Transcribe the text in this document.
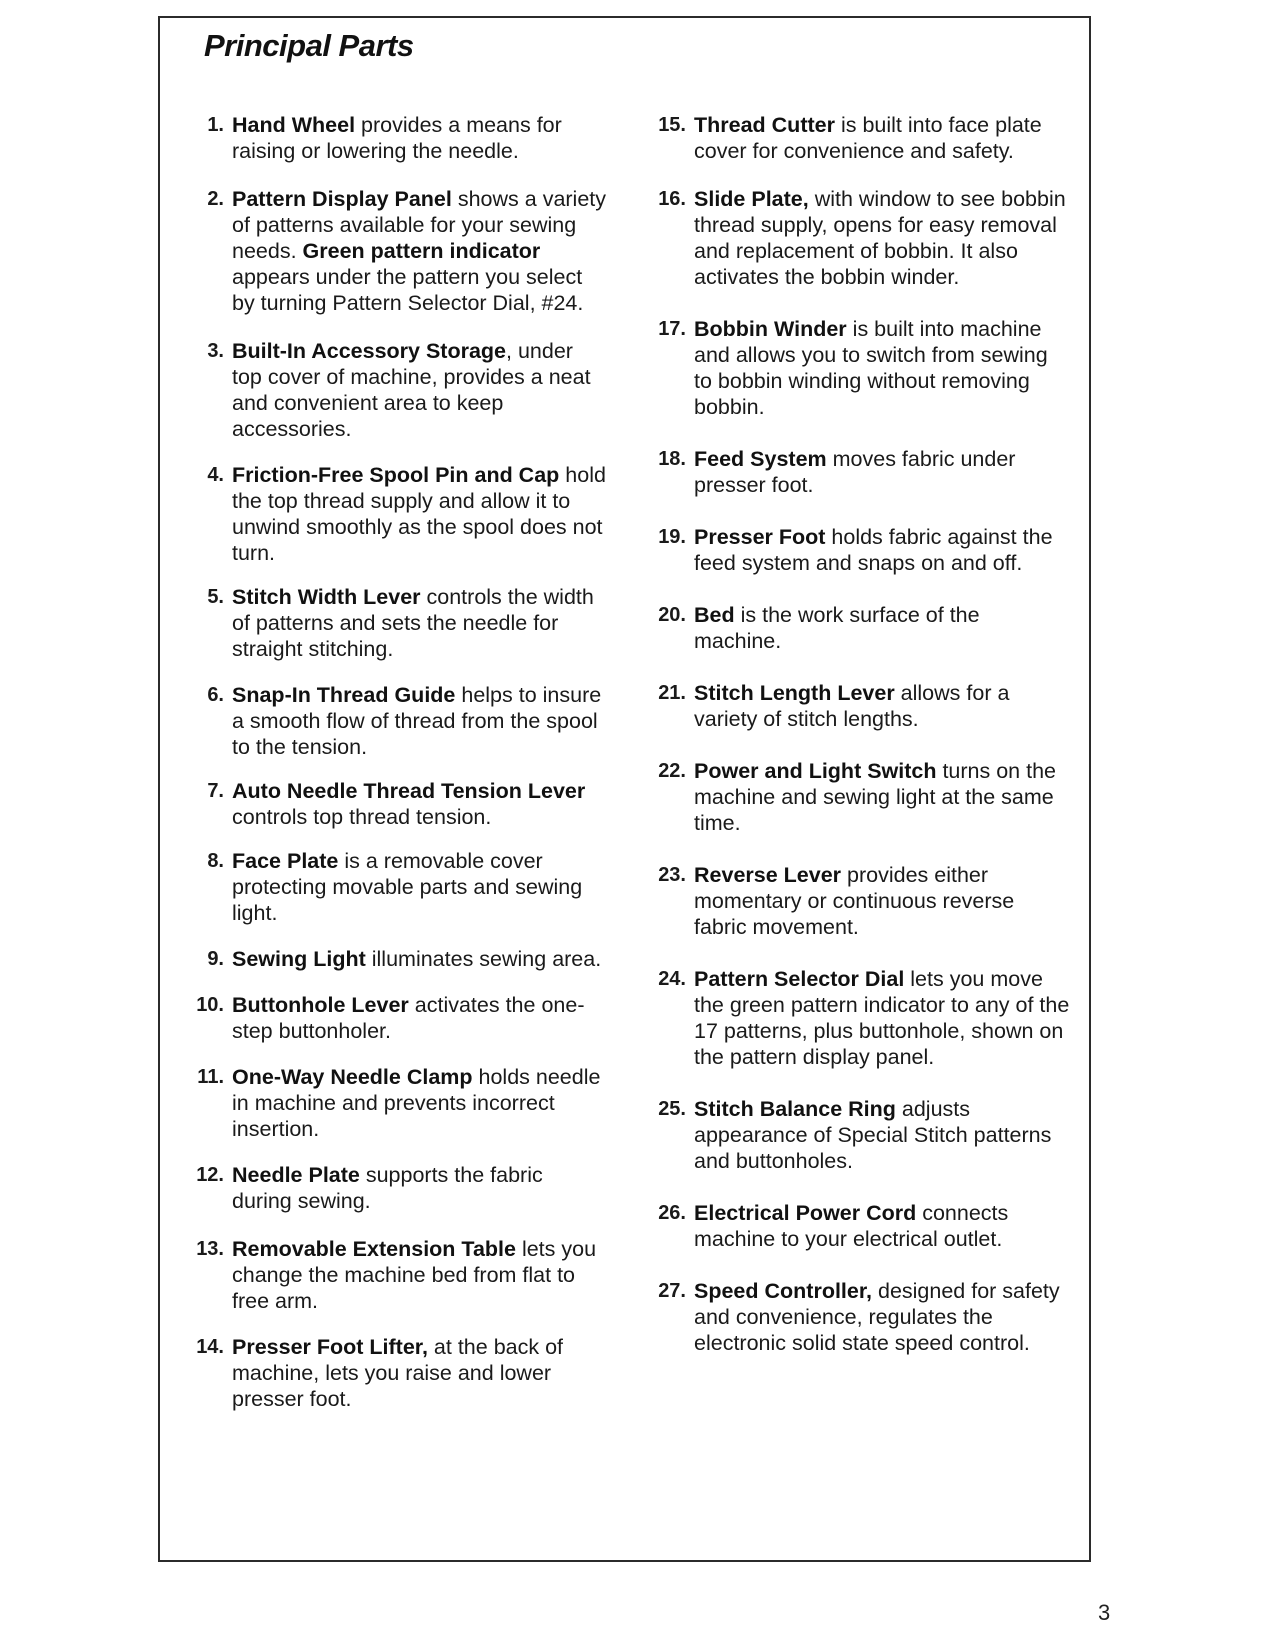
Principal Parts
1. Hand Wheel provides a means for raising or lowering the needle.
2. Pattern Display Panel shows a variety of patterns available for your sewing needs. Green pattern indicator appears under the pattern you select by turning Pattern Selector Dial, #24.
3. Built-In Accessory Storage, under top cover of machine, provides a neat and convenient area to keep accessories.
4. Friction-Free Spool Pin and Cap hold the top thread supply and allow it to unwind smoothly as the spool does not turn.
5. Stitch Width Lever controls the width of patterns and sets the needle for straight stitching.
6. Snap-In Thread Guide helps to insure a smooth flow of thread from the spool to the tension.
7. Auto Needle Thread Tension Lever controls top thread tension.
8. Face Plate is a removable cover protecting movable parts and sewing light.
9. Sewing Light illuminates sewing area.
10. Buttonhole Lever activates the one-step buttonholer.
11. One-Way Needle Clamp holds needle in machine and prevents incorrect insertion.
12. Needle Plate supports the fabric during sewing.
13. Removable Extension Table lets you change the machine bed from flat to free arm.
14. Presser Foot Lifter, at the back of machine, lets you raise and lower presser foot.
15. Thread Cutter is built into face plate cover for convenience and safety.
16. Slide Plate, with window to see bobbin thread supply, opens for easy removal and replacement of bobbin. It also activates the bobbin winder.
17. Bobbin Winder is built into machine and allows you to switch from sewing to bobbin winding without removing bobbin.
18. Feed System moves fabric under presser foot.
19. Presser Foot holds fabric against the feed system and snaps on and off.
20. Bed is the work surface of the machine.
21. Stitch Length Lever allows for a variety of stitch lengths.
22. Power and Light Switch turns on the machine and sewing light at the same time.
23. Reverse Lever provides either momentary or continuous reverse fabric movement.
24. Pattern Selector Dial lets you move the green pattern indicator to any of the 17 patterns, plus buttonhole, shown on the pattern display panel.
25. Stitch Balance Ring adjusts appearance of Special Stitch patterns and buttonholes.
26. Electrical Power Cord connects machine to your electrical outlet.
27. Speed Controller, designed for safety and convenience, regulates the electronic solid state speed control.
3
